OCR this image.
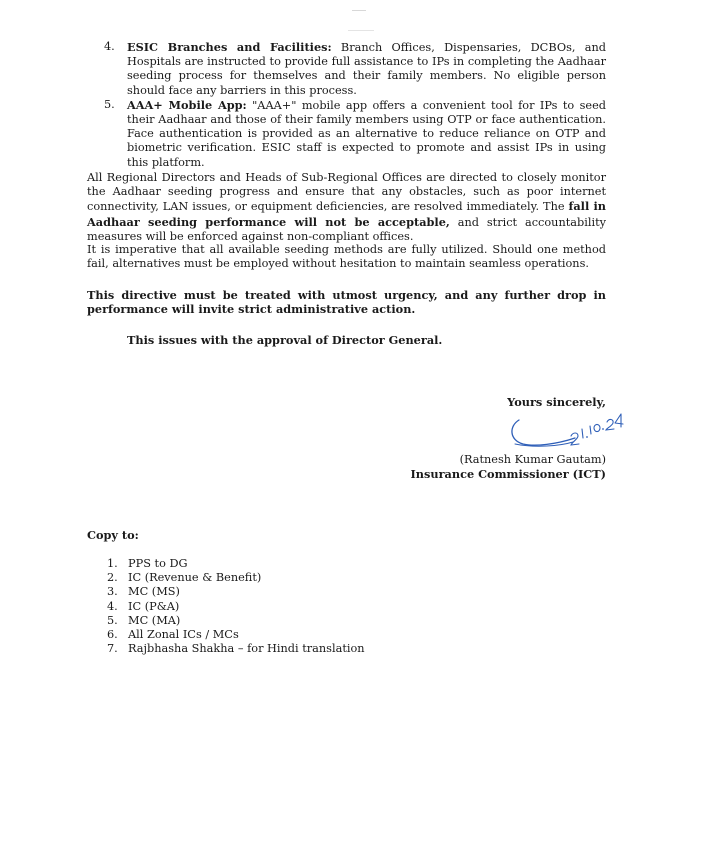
4. ESIC Branches and Facilities: Branch Offices, Dispensaries, DCBOs, and Hospitals are instructed to provide full assistance to IPs in completing the Aadhaar seeding process for themselves and their family members. No eligible person should face any barriers in this process.
5. AAA+ Mobile App: "AAA+" mobile app offers a convenient tool for IPs to seed their Aadhaar and those of their family members using OTP or face authentication. Face authentication is provided as an alternative to reduce reliance on OTP and biometric verification. ESIC staff is expected to promote and assist IPs in using this platform.

All Regional Directors and Heads of Sub-Regional Offices are directed to closely monitor the Aadhaar seeding progress and ensure that any obstacles, such as poor internet connectivity, LAN issues, or equipment deficiencies, are resolved immediately. The fall in Aadhaar seeding performance will not be acceptable, and strict accountability measures will be enforced against non-compliant offices.

It is imperative that all available seeding methods are fully utilized. Should one method fail, alternatives must be employed without hesitation to maintain seamless operations.

This directive must be treated with utmost urgency, and any further drop in performance will invite strict administrative action.

This issues with the approval of Director General.
Yours sincerely,
(Ratnesh Kumar Gautam)
Insurance Commissioner (ICT)
Copy to:
1. PPS to DG
2. IC (Revenue & Benefit)
3. MC (MS)
4. IC (P&A)
5. MC (MA)
6. All Zonal ICs / MCs
7. Rajbhasha Shakha – for Hindi translation
